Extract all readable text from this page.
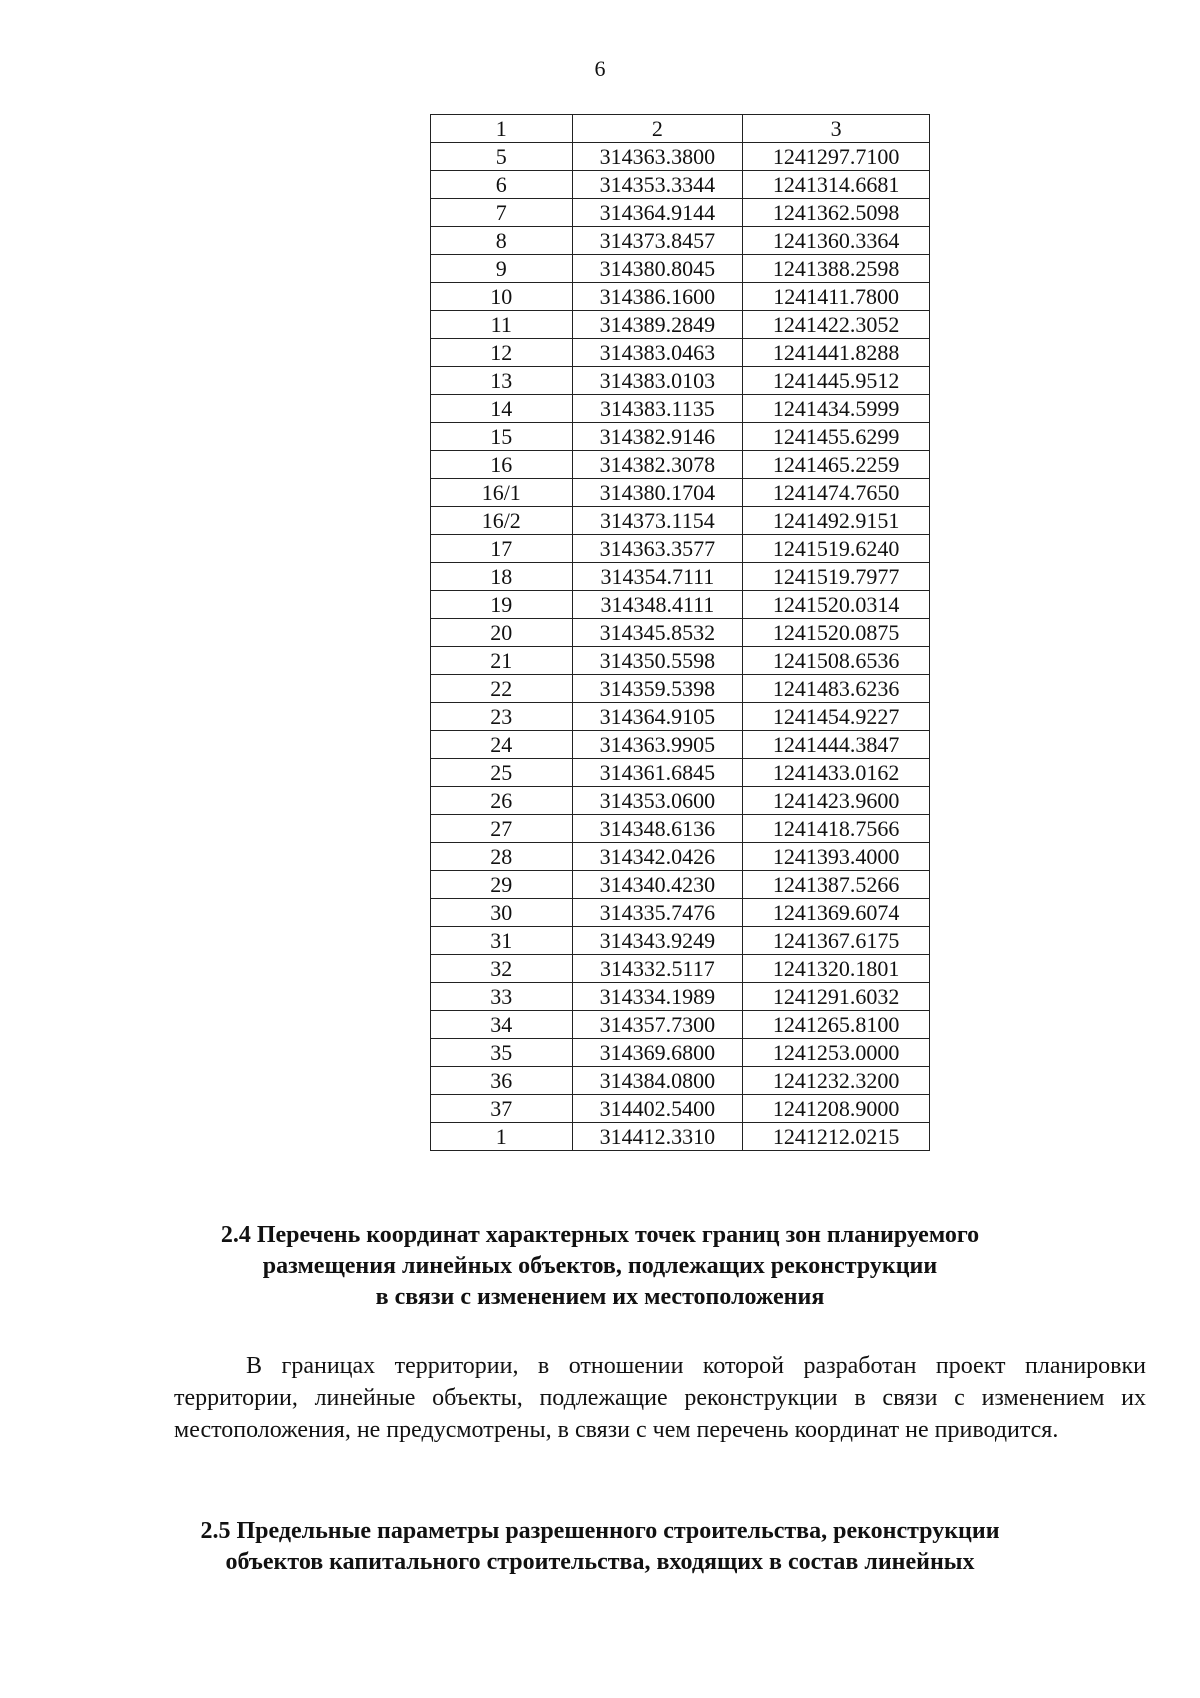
6
1	2	3
5	314363.3800	1241297.7100
6	314353.3344	1241314.6681
7	314364.9144	1241362.5098
8	314373.8457	1241360.3364
9	314380.8045	1241388.2598
10	314386.1600	1241411.7800
11	314389.2849	1241422.3052
12	314383.0463	1241441.8288
13	314383.0103	1241445.9512
14	314383.1135	1241434.5999
15	314382.9146	1241455.6299
16	314382.3078	1241465.2259
16/1	314380.1704	1241474.7650
16/2	314373.1154	1241492.9151
17	314363.3577	1241519.6240
18	314354.7111	1241519.7977
19	314348.4111	1241520.0314
20	314345.8532	1241520.0875
21	314350.5598	1241508.6536
22	314359.5398	1241483.6236
23	314364.9105	1241454.9227
24	314363.9905	1241444.3847
25	314361.6845	1241433.0162
26	314353.0600	1241423.9600
27	314348.6136	1241418.7566
28	314342.0426	1241393.4000
29	314340.4230	1241387.5266
30	314335.7476	1241369.6074
31	314343.9249	1241367.6175
32	314332.5117	1241320.1801
33	314334.1989	1241291.6032
34	314357.7300	1241265.8100
35	314369.6800	1241253.0000
36	314384.0800	1241232.3200
37	314402.5400	1241208.9000
1	314412.3310	1241212.0215
2.4 Перечень координат характерных точек границ зон планируемого
размещения линейных объектов, подлежащих реконструкции
в связи с изменением их местоположения
В границах территории, в отношении которой разработан проект планировки территории, линейные объекты, подлежащие реконструкции в связи с изменением их местоположения, не предусмотрены, в связи с чем перечень координат не приводится.
2.5 Предельные параметры разрешенного строительства, реконструкции
объектов капитального строительства, входящих в состав линейных
